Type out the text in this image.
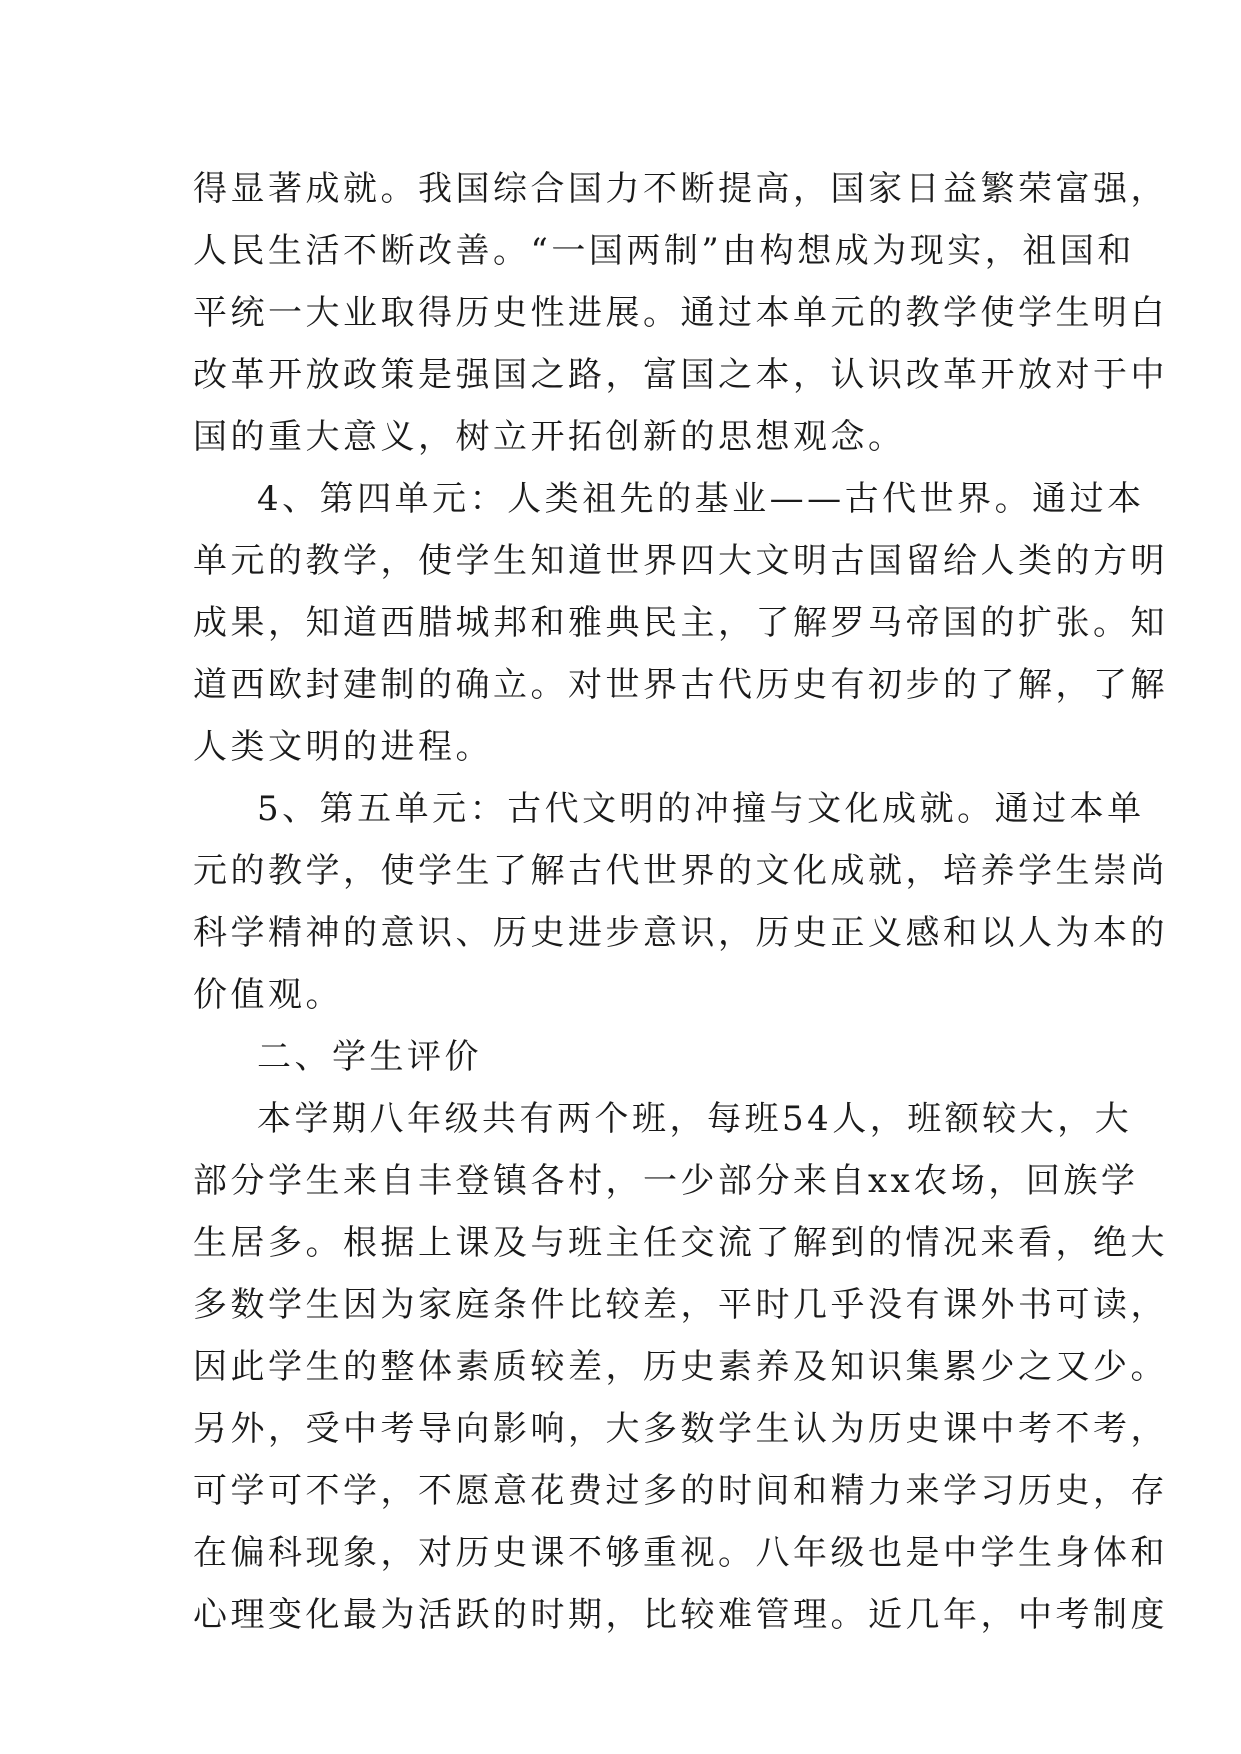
得显著成就。我国综合国力不断提高，国家日益繁荣富强，
人民生活不断改善。“一国两制”由构想成为现实，祖国和
平统一大业取得历史性进展。通过本单元的教学使学生明白
改革开放政策是强国之路，富国之本，认识改革开放对于中
国的重大意义，树立开拓创新的思想观念。
4、第四单元：人类祖先的基业——古代世界。通过本
单元的教学，使学生知道世界四大文明古国留给人类的方明
成果，知道西腊城邦和雅典民主，了解罗马帝国的扩张。知
道西欧封建制的确立。对世界古代历史有初步的了解，了解
人类文明的进程。
5、第五单元：古代文明的冲撞与文化成就。通过本单
元的教学，使学生了解古代世界的文化成就，培养学生崇尚
科学精神的意识、历史进步意识，历史正义感和以人为本的
价值观。
二、学生评价
本学期八年级共有两个班，每班54人，班额较大，大
部分学生来自丰登镇各村，一少部分来自xx农场，回族学
生居多。根据上课及与班主任交流了解到的情况来看，绝大
多数学生因为家庭条件比较差，平时几乎没有课外书可读，
因此学生的整体素质较差，历史素养及知识集累少之又少。
另外，受中考导向影响，大多数学生认为历史课中考不考，
可学可不学，不愿意花费过多的时间和精力来学习历史，存
在偏科现象，对历史课不够重视。八年级也是中学生身体和
心理变化最为活跃的时期，比较难管理。近几年，中考制度
